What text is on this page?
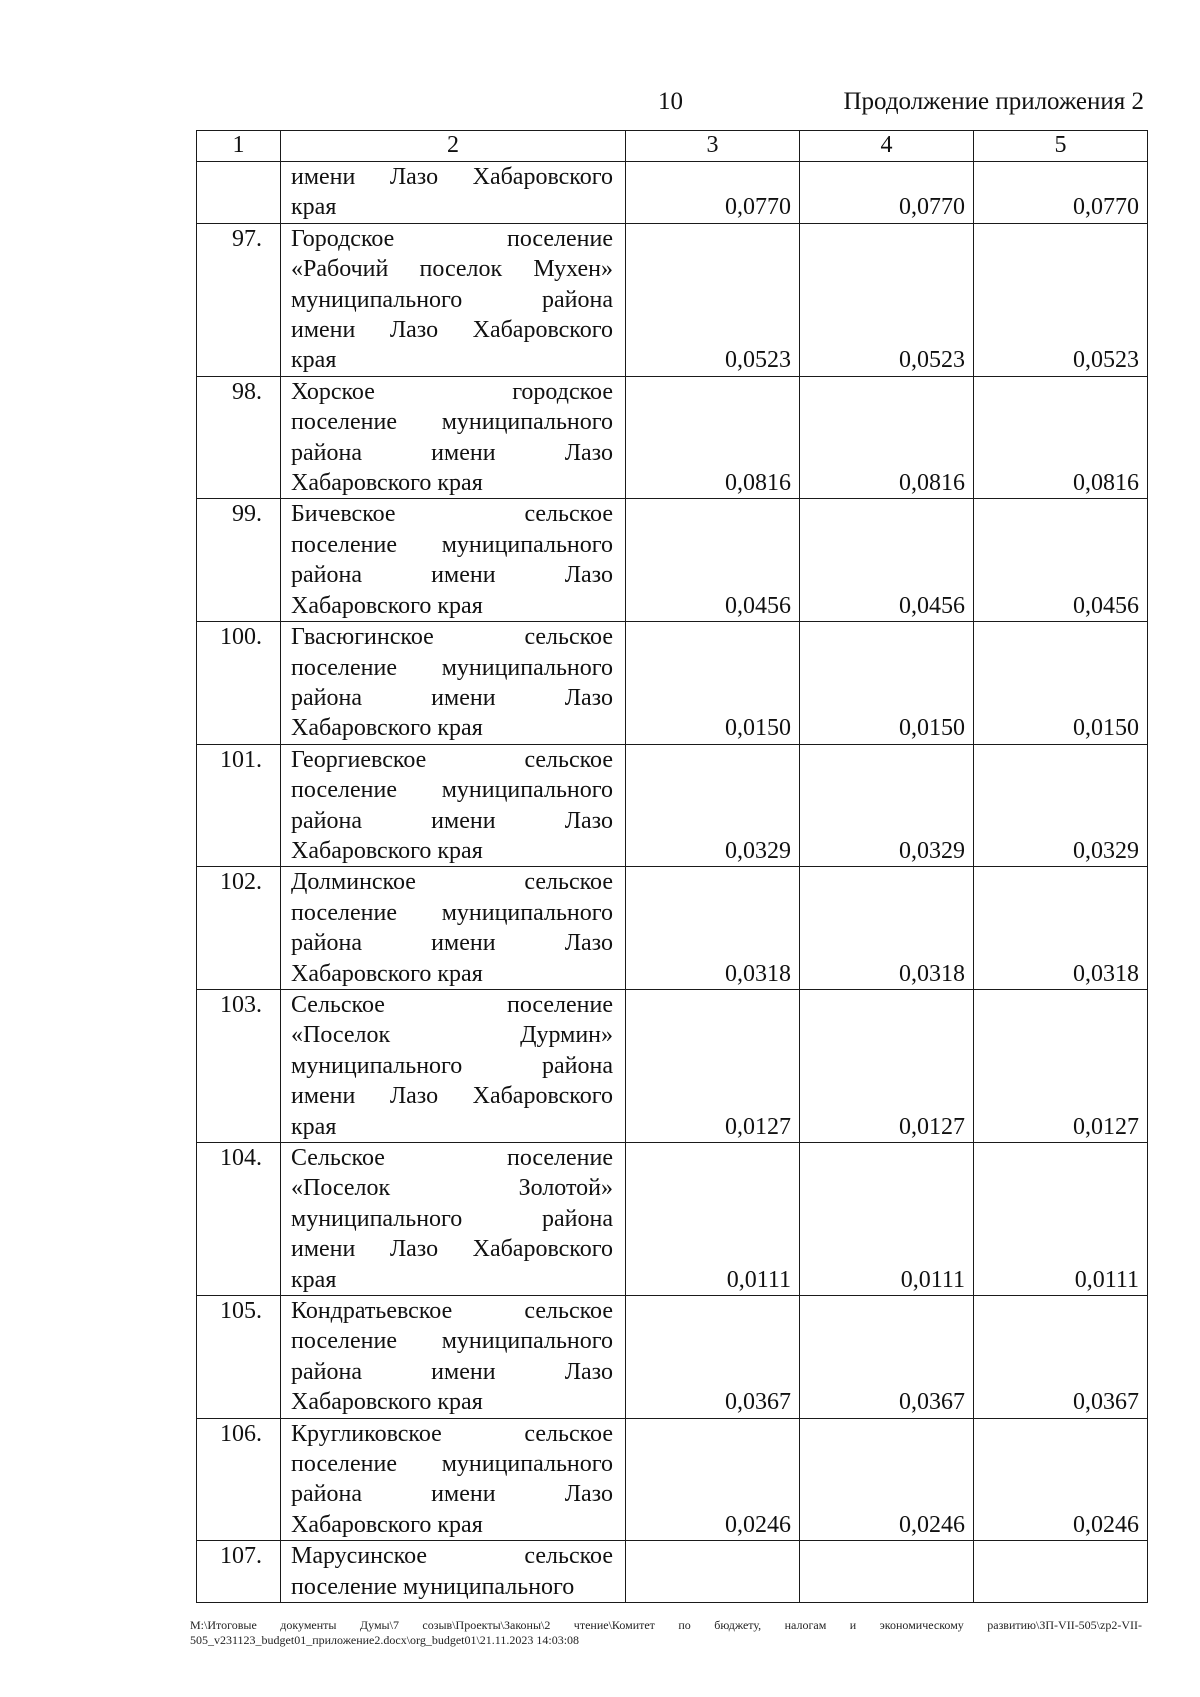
10	Продолжение приложения 2
1	2	3	4	5

	имени Лазо Хабаровского
края	0,0770	0,0770	0,0770
97.	Городское поселение
«Рабочий поселок Мухен»
муниципального района
имени Лазо Хабаровского
края	0,0523	0,0523	0,0523
98.	Хорское городское
поселение муниципального
района имени Лазо
Хабаровского края	0,0816	0,0816	0,0816
99.	Бичевское сельское
поселение муниципального
района имени Лазо
Хабаровского края	0,0456	0,0456	0,0456
100.	Гвасюгинское сельское
поселение муниципального
района имени Лазо
Хабаровского края	0,0150	0,0150	0,0150
101.	Георгиевское сельское
поселение муниципального
района имени Лазо
Хабаровского края	0,0329	0,0329	0,0329
102.	Долминское сельское
поселение муниципального
района имени Лазо
Хабаровского края	0,0318	0,0318	0,0318
103.	Сельское поселение
«Поселок Дурмин»
муниципального района
имени Лазо Хабаровского
края	0,0127	0,0127	0,0127
104.	Сельское поселение
«Поселок Золотой»
муниципального района
имени Лазо Хабаровского
края	0,0111	0,0111	0,0111
105.	Кондратьевское сельское
поселение муниципального
района имени Лазо
Хабаровского края	0,0367	0,0367	0,0367
106.	Кругликовское сельское
поселение муниципального
района имени Лазо
Хабаровского края	0,0246	0,0246	0,0246
107.	Марусинское сельское
поселение муниципального			

M:\Итоговые документы Думы\7 созыв\Проекты\Законы\2 чтение\Комитет по бюджету, налогам и экономическому развитию\ЗП-VII-505\zp2-VII-505_v231123_budget01_приложение2.docx\org_budget01\21.11.2023 14:03:08
